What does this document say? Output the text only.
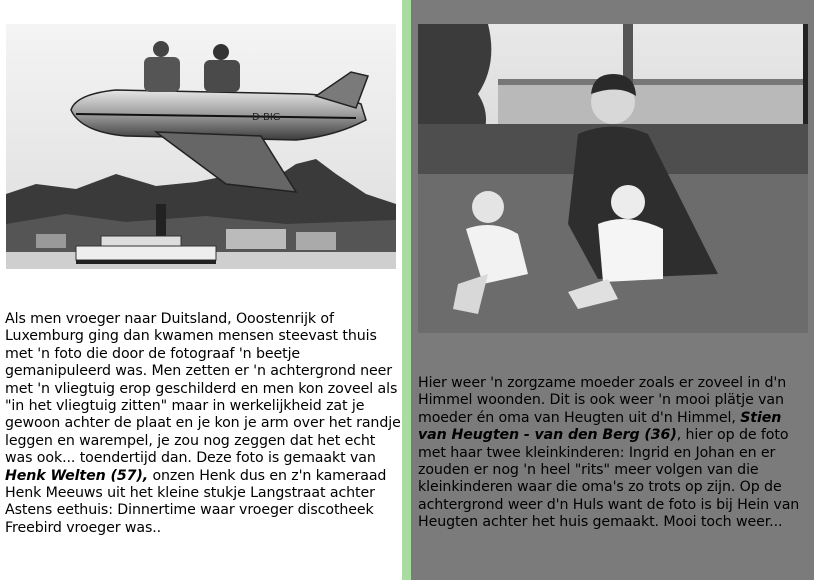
D-BIG
Als men vroeger naar Duitsland, Ooostenrijk of Luxemburg ging dan kwamen mensen steevast thuis met 'n foto die door de fotograaf 'n beetje gemanipuleerd was. Men zetten er 'n achtergrond neer met 'n vliegtuig erop geschilderd en men kon zoveel als "in het vliegtuig zitten" maar in werkelijkheid zat je gewoon achter de plaat en je kon je arm over het randje leggen en warempel, je zou nog zeggen dat het echt was ook... toendertijd dan. Deze foto is gemaakt van Henk Welten (57), onzen Henk dus en z'n kameraad Henk Meeuws uit het kleine stukje Langstraat achter Astens eethuis: Dinnertime waar vroeger discotheek Freebird vroeger was..
Hier weer 'n zorgzame moeder zoals er zoveel in d'n Himmel woonden. Dit is ook weer 'n mooi plätje van moeder én oma van Heugten uit d'n Himmel, Stien van Heugten - van den Berg (36), hier op de foto met haar twee kleinkinderen: Ingrid en Johan en er zouden er nog 'n heel "rits" meer volgen van die kleinkinderen waar die oma's zo trots op zijn. Op de achtergrond weer d'n Huls want de foto is bij Hein van Heugten achter het huis gemaakt. Mooi toch weer...
